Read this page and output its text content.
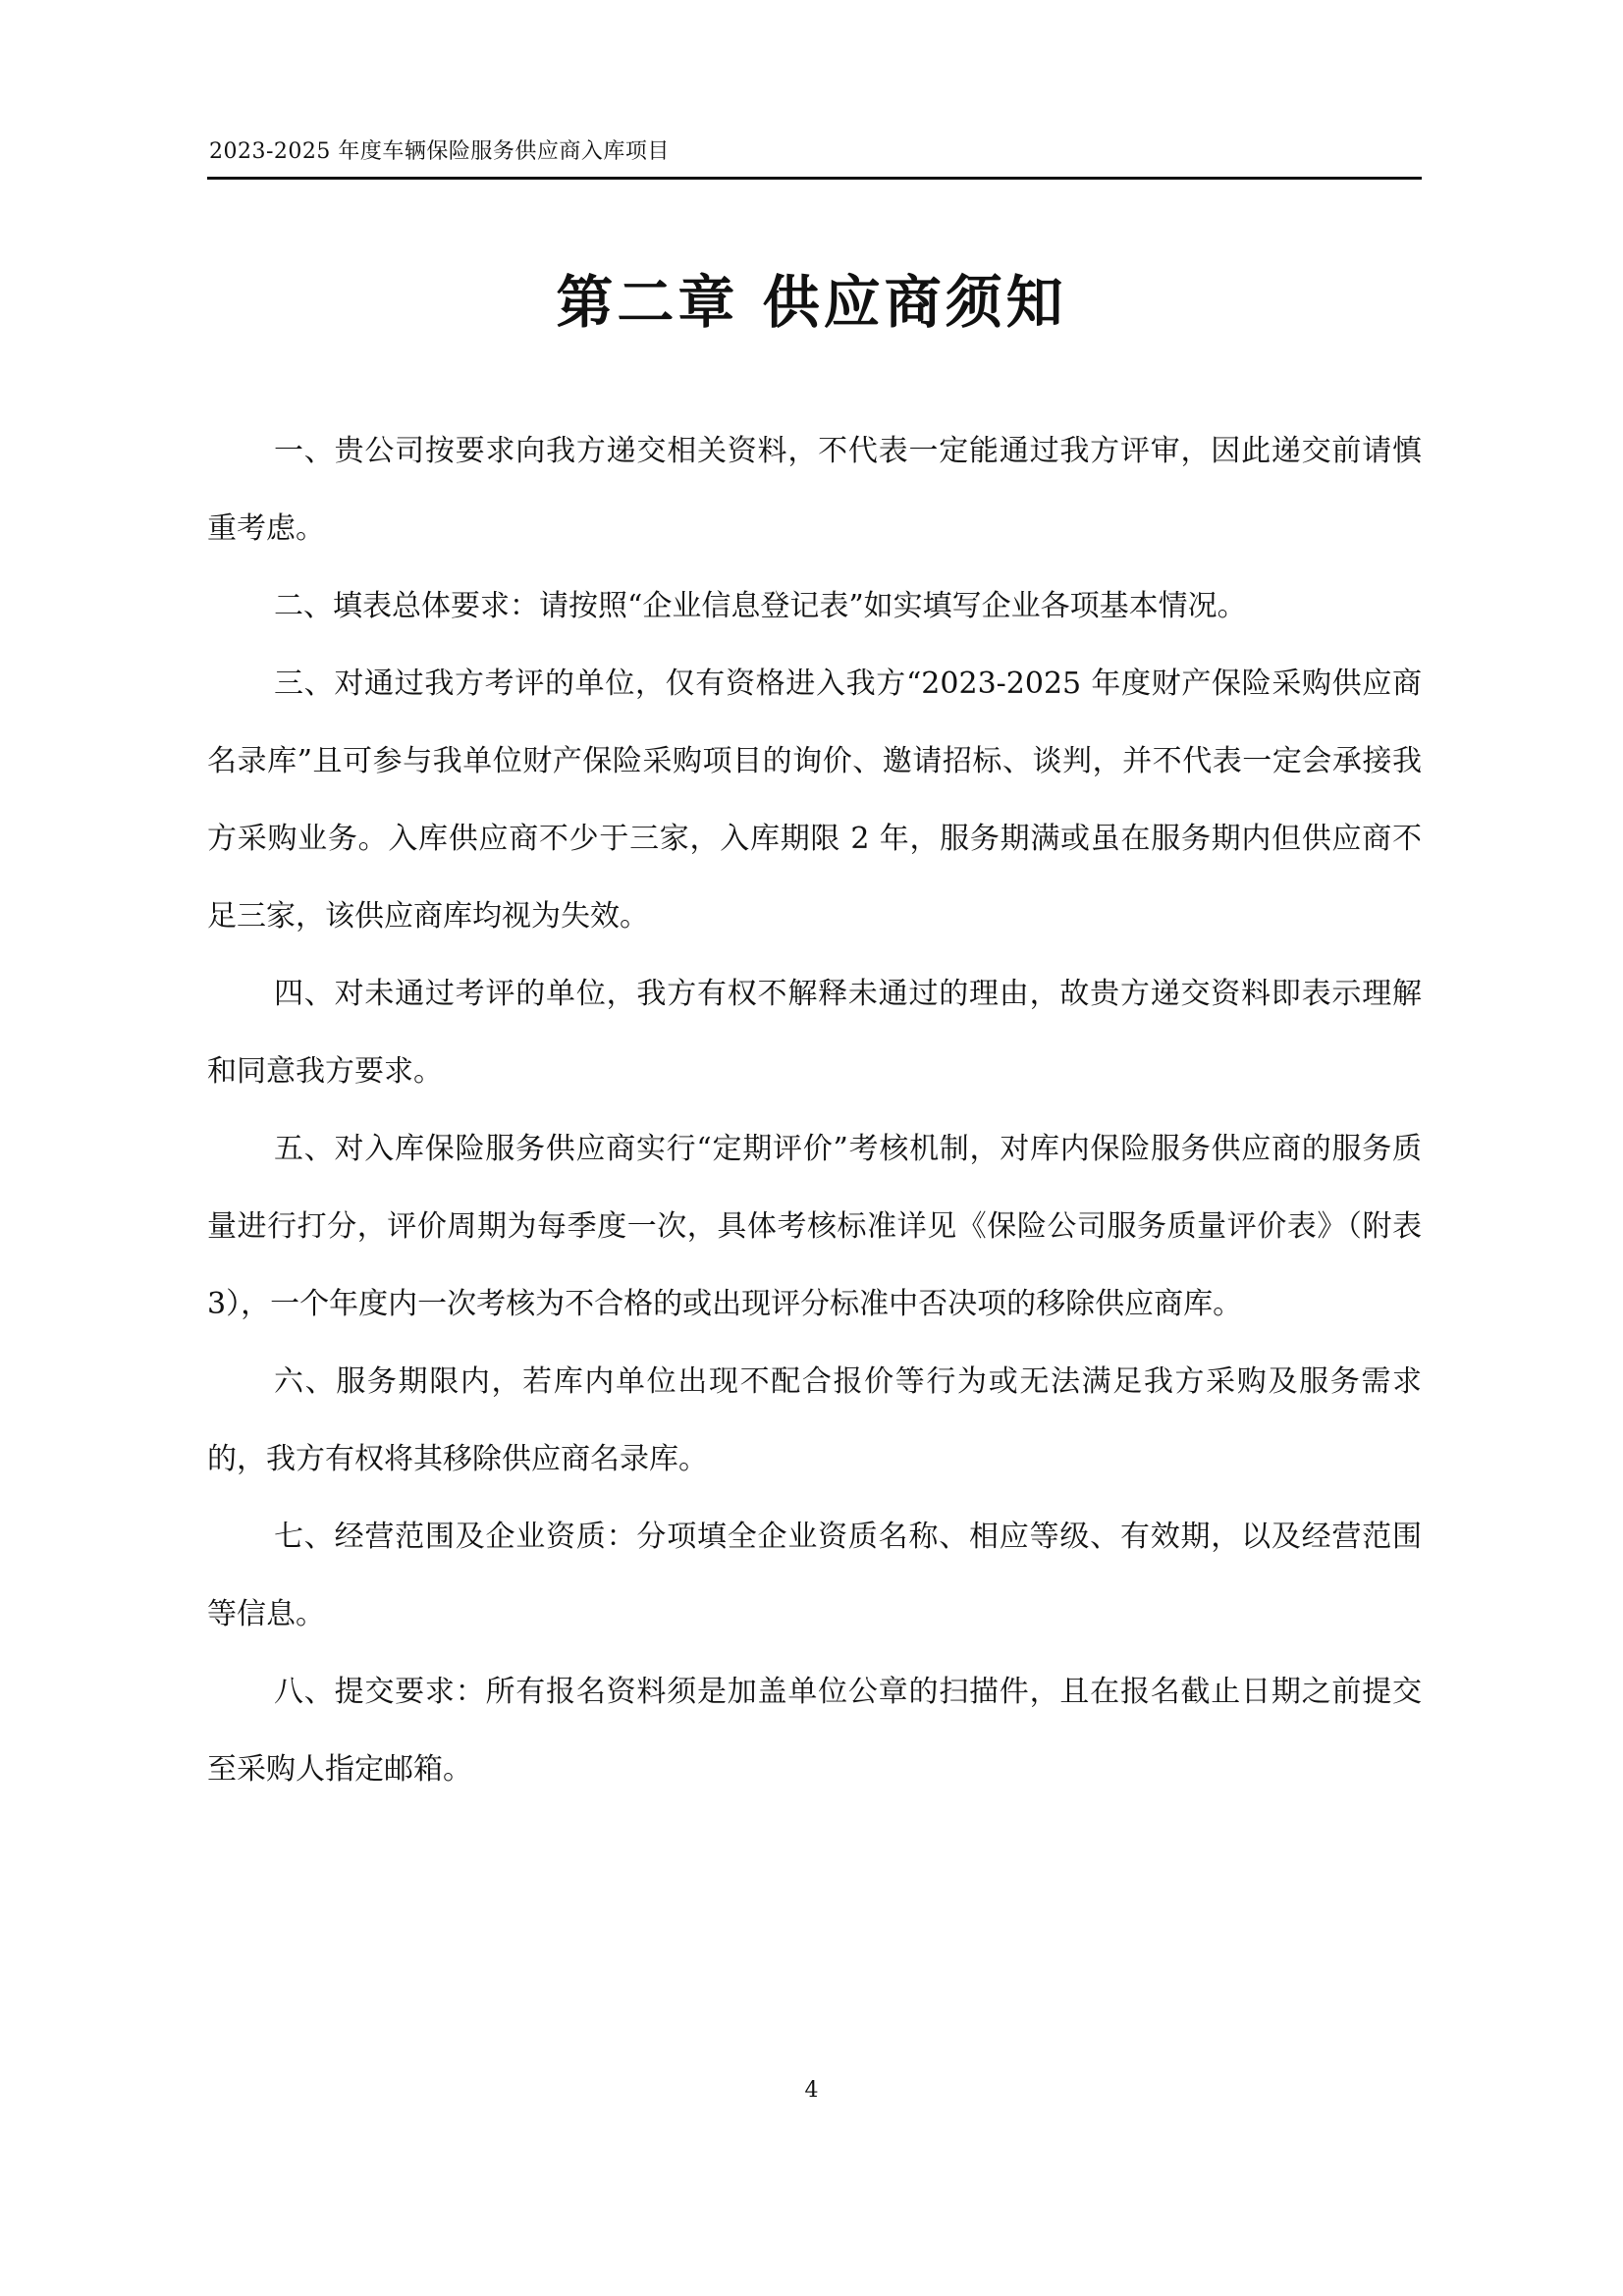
2023-2025 年度车辆保险服务供应商入库项目
第二章 供应商须知

一、贵公司按要求向我方递交相关资料，不代表一定能通过我方评审，因此递交前请慎重考虑。

二、填表总体要求：请按照“企业信息登记表”如实填写企业各项基本情况。

三、对通过我方考评的单位，仅有资格进入我方“2023-2025 年度财产保险采购供应商名录库”且可参与我单位财产保险采购项目的询价、邀请招标、谈判，并不代表一定会承接我方采购业务。入库供应商不少于三家，入库期限 2 年，服务期满或虽在服务期内但供应商不足三家，该供应商库均视为失效。

四、对未通过考评的单位，我方有权不解释未通过的理由，故贵方递交资料即表示理解和同意我方要求。

五、对入库保险服务供应商实行“定期评价”考核机制，对库内保险服务供应商的服务质量进行打分，评价周期为每季度一次，具体考核标准详见《保险公司服务质量评价表》（附表 3），一个年度内一次考核为不合格的或出现评分标准中否决项的移除供应商库。

六、服务期限内，若库内单位出现不配合报价等行为或无法满足我方采购及服务需求的，我方有权将其移除供应商名录库。

七、经营范围及企业资质：分项填全企业资质名称、相应等级、有效期，以及经营范围等信息。

八、提交要求：所有报名资料须是加盖单位公章的扫描件，且在报名截止日期之前提交至采购人指定邮箱。

4
